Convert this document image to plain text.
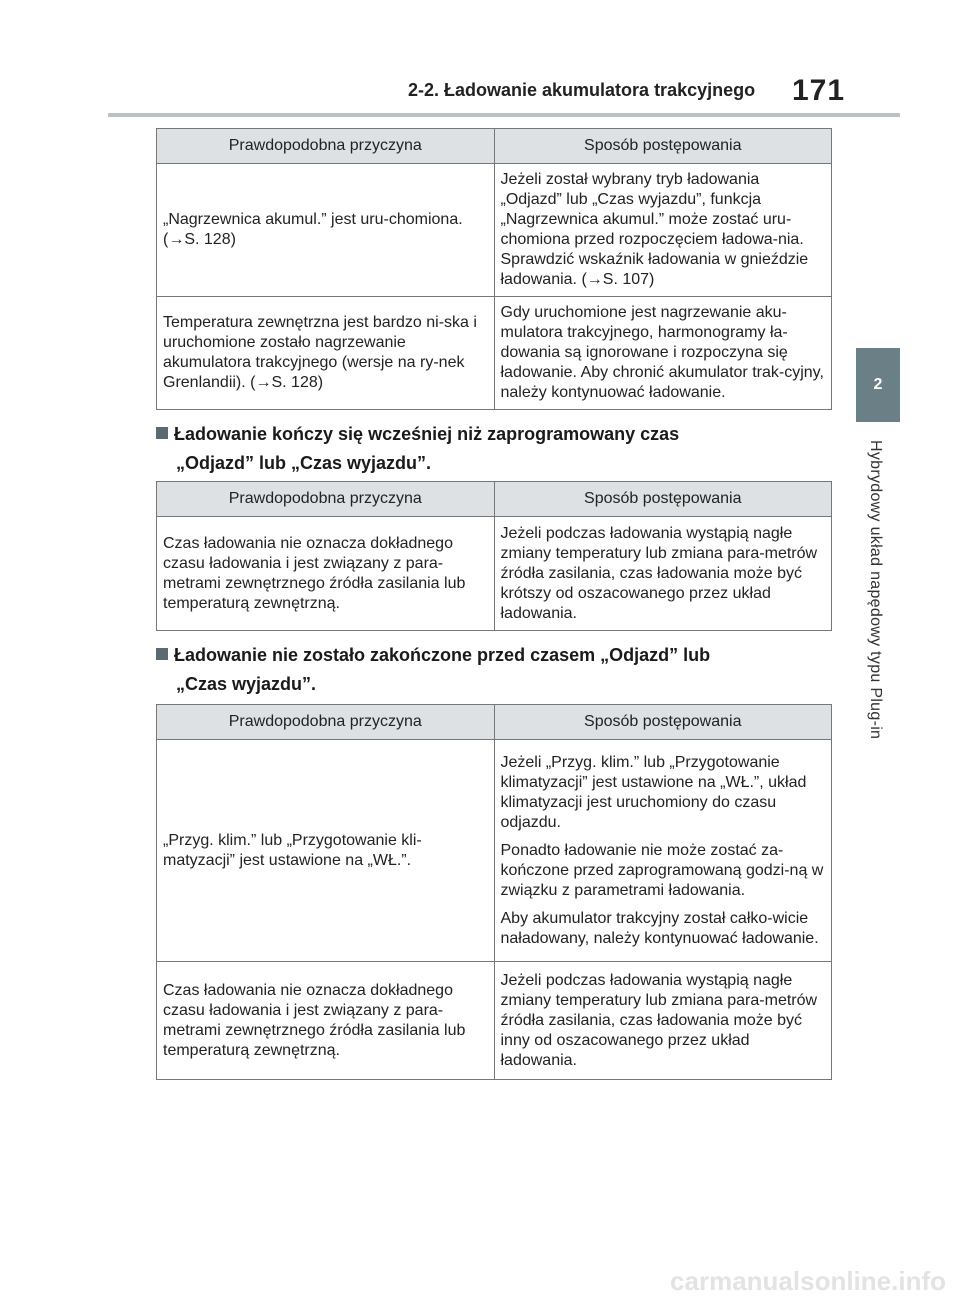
2-2. Ładowanie akumulatora trakcyjnego 171
2
Hybrydowy układ napędowy typu Plug-in
Prawdopodobna przyczyna	Sposób postępowania
„Nagrzewnica akumul.” jest uru-chomiona. (→S. 128)	Jeżeli został wybrany tryb ładowania „Odjazd” lub „Czas wyjazdu”, funkcja „Nagrzewnica akumul.” może zostać uru-chomiona przed rozpoczęciem ładowa-nia. Sprawdzić wskaźnik ładowania w gnieździe ładowania. (→S. 107)

Temperatura zewnętrzna jest bardzo ni-ska i uruchomione zostało nagrzewanie akumulatora trakcyjnego (wersje na ry-nek Grenlandii). (→S. 128)	Gdy uruchomione jest nagrzewanie aku-mulatora trakcyjnego, harmonogramy ła-dowania są ignorowane i rozpoczyna się ładowanie. Aby chronić akumulator trak-cyjny, należy kontynuować ładowanie.

Ładowanie kończy się wcześniej niż zaprogramowany czas
„Odjazd” lub „Czas wyjazdu”.
Prawdopodobna przyczyna	Sposób postępowania
Czas ładowania nie oznacza dokładnego czasu ładowania i jest związany z para-metrami zewnętrznego źródła zasilania lub temperaturą zewnętrzną.	Jeżeli podczas ładowania wystąpią nagłe zmiany temperatury lub zmiana para-metrów źródła zasilania, czas ładowania może być krótszy od oszacowanego przez układ ładowania.

Ładowanie nie zostało zakończone przed czasem „Odjazd” lub
„Czas wyjazdu”.
Prawdopodobna przyczyna	Sposób postępowania
„Przyg. klim.” lub „Przygotowanie kli-matyzacji” jest ustawione na „WŁ.”.	Jeżeli „Przyg. klim.” lub „Przygotowanie klimatyzacji” jest ustawione na „WŁ.”, układ klimatyzacji jest uruchomiony do czasu odjazdu.

Ponadto ładowanie nie może zostać za-kończone przed zaprogramowaną godzi-ną w związku z parametrami ładowania.

Aby akumulator trakcyjny został całko-wicie naładowany, należy kontynuować ładowanie.

Czas ładowania nie oznacza dokładnego czasu ładowania i jest związany z para-metrami zewnętrznego źródła zasilania lub temperaturą zewnętrzną.	Jeżeli podczas ładowania wystąpią nagłe zmiany temperatury lub zmiana para-metrów źródła zasilania, czas ładowania może być inny od oszacowanego przez układ ładowania.

carmanualsonline.info
